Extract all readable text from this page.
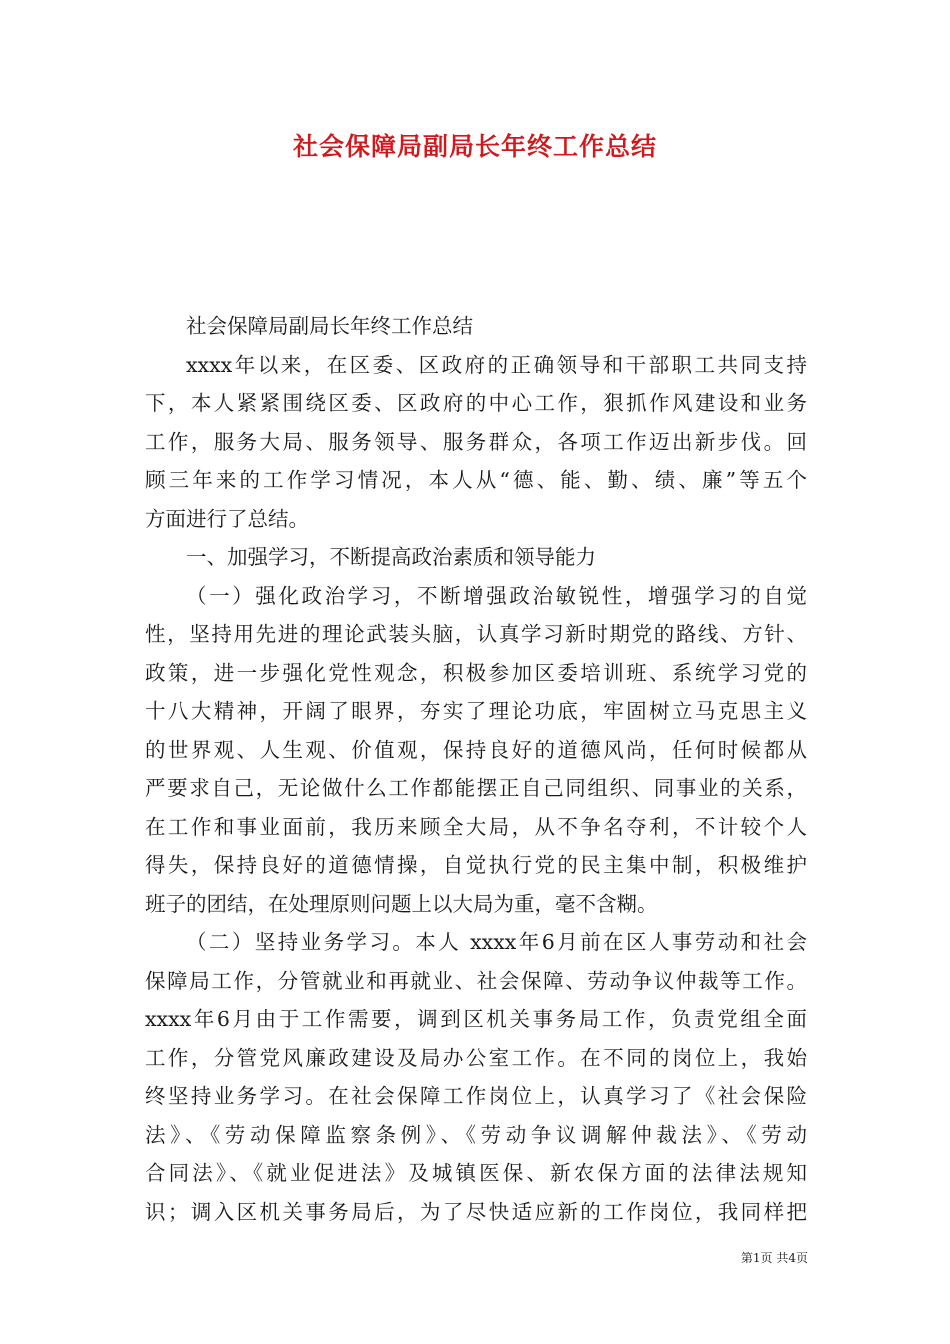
社会保障局副局长年终工作总结
社会保障局副局长年终工作总结
xxxx年以来，在区委、区政府的正确领导和干部职工共同支持
下，本人紧紧围绕区委、区政府的中心工作，狠抓作风建设和业务
工作，服务大局、服务领导、服务群众，各项工作迈出新步伐。回
顾三年来的工作学习情况，本人从“德、能、勤、绩、廉”等五个
方面进行了总结。
一、加强学习，不断提高政治素质和领导能力
（一）强化政治学习，不断增强政治敏锐性，增强学习的自觉
性，坚持用先进的理论武装头脑，认真学习新时期党的路线、方针、
政策，进一步强化党性观念，积极参加区委培训班、系统学习党的
十八大精神，开阔了眼界，夯实了理论功底，牢固树立马克思主义
的世界观、人生观、价值观，保持良好的道德风尚，任何时候都从
严要求自己，无论做什么工作都能摆正自己同组织、同事业的关系，
在工作和事业面前，我历来顾全大局，从不争名夺利，不计较个人
得失，保持良好的道德情操，自觉执行党的民主集中制，积极维护
班子的团结，在处理原则问题上以大局为重，毫不含糊。
（二）坚持业务学习。本人 xxxx年6月前在区人事劳动和社会
保障局工作，分管就业和再就业、社会保障、劳动争议仲裁等工作。
xxxx年6月由于工作需要，调到区机关事务局工作，负责党组全面
工作，分管党风廉政建设及局办公室工作。在不同的岗位上，我始
终坚持业务学习。在社会保障工作岗位上，认真学习了《社会保险
法》、《劳动保障监察条例》、《劳动争议调解仲裁法》、《劳动
合同法》、《就业促进法》及城镇医保、新农保方面的法律法规知
识；调入区机关事务局后，为了尽快适应新的工作岗位，我同样把
第1页 共4页
